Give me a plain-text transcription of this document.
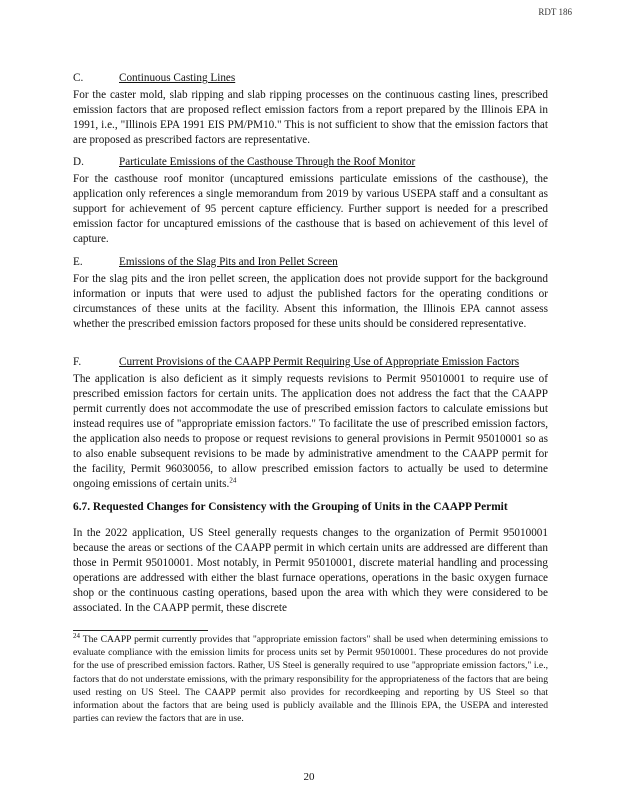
RDT 186
C.	Continuous Casting Lines

For the caster mold, slab ripping and slab ripping processes on the continuous casting lines, prescribed emission factors that are proposed reflect emission factors from a report prepared by the Illinois EPA in 1991, i.e., "Illinois EPA 1991 EIS PM/PM10." This is not sufficient to show that the emission factors that are proposed as prescribed factors are representative.

D.	Particulate Emissions of the Casthouse Through the Roof Monitor

For the casthouse roof monitor (uncaptured emissions particulate emissions of the casthouse), the application only references a single memorandum from 2019 by various USEPA staff and a consultant as support for achievement of 95 percent capture efficiency. Further support is needed for a prescribed emission factor for uncaptured emissions of the casthouse that is based on achievement of this level of capture.

E.	Emissions of the Slag Pits and Iron Pellet Screen

For the slag pits and the iron pellet screen, the application does not provide support for the background information or inputs that were used to adjust the published factors for the operating conditions or circumstances of these units at the facility. Absent this information, the Illinois EPA cannot assess whether the prescribed emission factors proposed for these units should be considered representative.

F.	Current Provisions of the CAAPP Permit Requiring Use of Appropriate Emission Factors

The application is also deficient as it simply requests revisions to Permit 95010001 to require use of prescribed emission factors for certain units. The application does not address the fact that the CAAPP permit currently does not accommodate the use of prescribed emission factors to calculate emissions but instead requires use of "appropriate emission factors." To facilitate the use of prescribed emission factors, the application also needs to propose or request revisions to general provisions in Permit 95010001 so as to also enable subsequent revisions to be made by administrative amendment to the CAAPP permit for the facility, Permit 96030056, to allow prescribed emission factors to actually be used to determine ongoing emissions of certain units.$^{24}$

6.7. Requested Changes for Consistency with the Grouping of Units in the CAAPP Permit

In the 2022 application, US Steel generally requests changes to the organization of Permit 95010001 because the areas or sections of the CAAPP permit in which certain units are addressed are different than those in Permit 95010001. Most notably, in Permit 95010001, discrete material handling and processing operations are addressed with either the blast furnace operations, operations in the basic oxygen furnace shop or the continuous casting operations, based upon the area with which they were considered to be associated. In the CAAPP permit, these discrete

$^{24}$ The CAAPP permit currently provides that "appropriate emission factors" shall be used when determining emissions to evaluate compliance with the emission limits for process units set by Permit 95010001. These procedures do not provide for the use of prescribed emission factors. Rather, US Steel is generally required to use "appropriate emission factors," i.e., factors that do not understate emissions, with the primary responsibility for the appropriateness of the factors that are being used resting on US Steel. The CAAPP permit also provides for recordkeeping and reporting by US Steel so that information about the factors that are being used is publicly available and the Illinois EPA, the USEPA and interested parties can review the factors that are in use.

20
